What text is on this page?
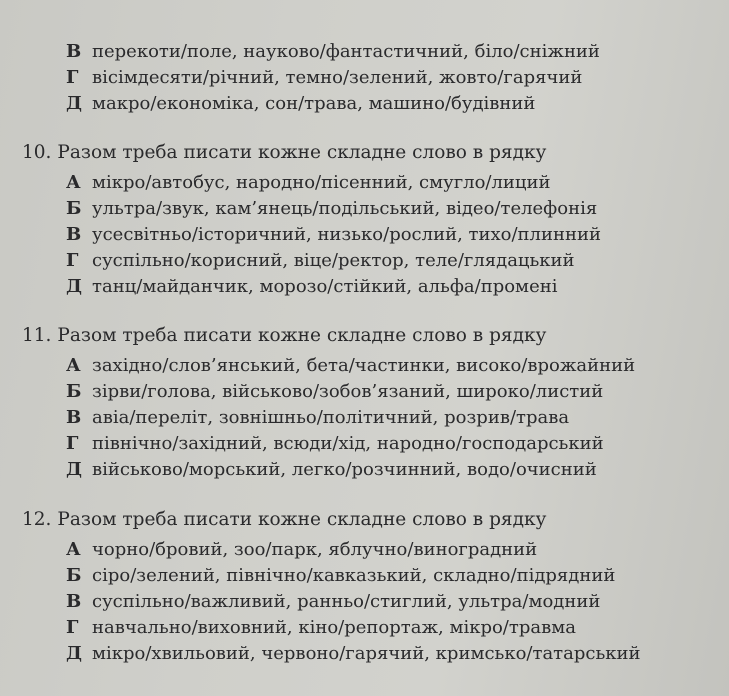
В перекоти/поле, науково/фантастичний, біло/сніжний
Г вісімдесяти/річний, темно/зелений, жовто/гарячий
Д макро/економіка, сон/трава, машино/будівний
10. Разом треба писати кожне складне слово в рядку
А мікро/автобус, народно/пісенний, смугло/лиций
Б ультра/звук, кам’янець/подільський, відео/телефонія
В усесвітньо/історичний, низько/рослий, тихо/плинний
Г суспільно/корисний, віце/ректор, теле/глядацький
Д танц/майданчик, морозо/стійкий, альфа/промені
11. Разом треба писати кожне складне слово в рядку
А західно/слов’янський, бета/частинки, високо/врожайний
Б зірви/голова, військово/зобов’язаний, широко/листий
В авіа/переліт, зовнішньо/політичний, розрив/трава
Г північно/західний, всюди/хід, народно/господарський
Д військово/морський, легко/розчинний, водо/очисний
12. Разом треба писати кожне складне слово в рядку
А чорно/бровий, зоо/парк, яблучно/виноградний
Б сіро/зелений, північно/кавказький, складно/підрядний
В суспільно/важливий, ранньо/стиглий, ультра/модний
Г навчально/виховний, кіно/репортаж, мікро/травма
Д мікро/хвильовий, червоно/гарячий, кримсько/татарський
